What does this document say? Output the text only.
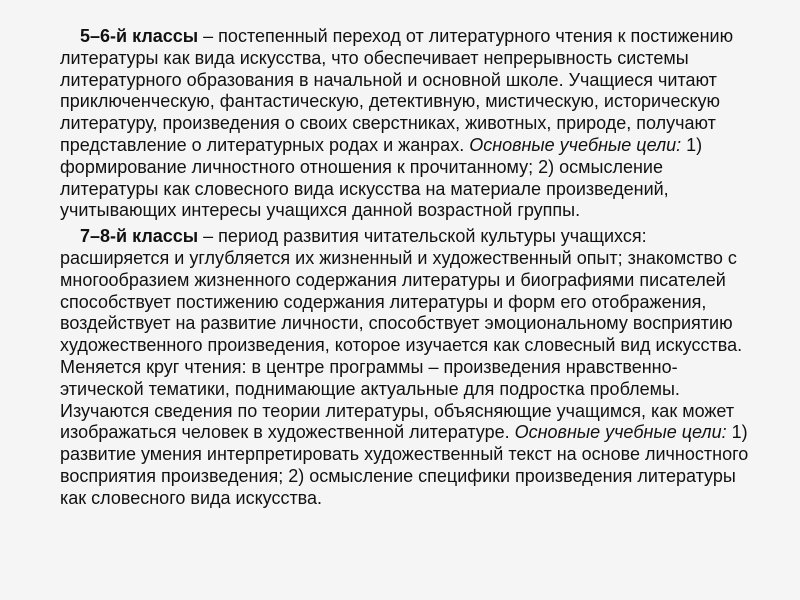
5–6-й классы – постепенный переход от литературного чтения к постижению литературы как вида искусства, что обеспечивает непрерывность системы литературного образования в начальной и основной школе. Учащиеся читают приключенческую, фантастическую, детективную, мистическую, историческую литературу, произведения о своих сверстниках, животных, природе, получают представление о литературных родах и жанрах. Основные учебные цели: 1) формирование личностного отношения к прочитанному; 2) осмысление литературы как словесного вида искусства на материале произведений, учитывающих интересы учащихся данной возрастной группы.

7–8-й классы – период развития читательской культуры учащихся: расширяется и углубляется их жизненный и художественный опыт; знакомство с многообразием жизненного содержания литературы и биографиями писателей способствует постижению содержания литературы и форм его отображения, воздействует на развитие личности, способствует эмоциональному восприятию художественного произведения, которое изучается как словесный вид искусства. Меняется круг чтения: в центре программы – произведения нравственно-этической тематики, поднимающие актуальные для подростка проблемы. Изучаются сведения по теории литературы, объясняющие учащимся, как может изображаться человек в художественной литературе. Основные учебные цели: 1) развитие умения интерпретировать художественный текст на основе личностного восприятия произведения; 2) осмысление специфики произведения литературы как словесного вида искусства.
